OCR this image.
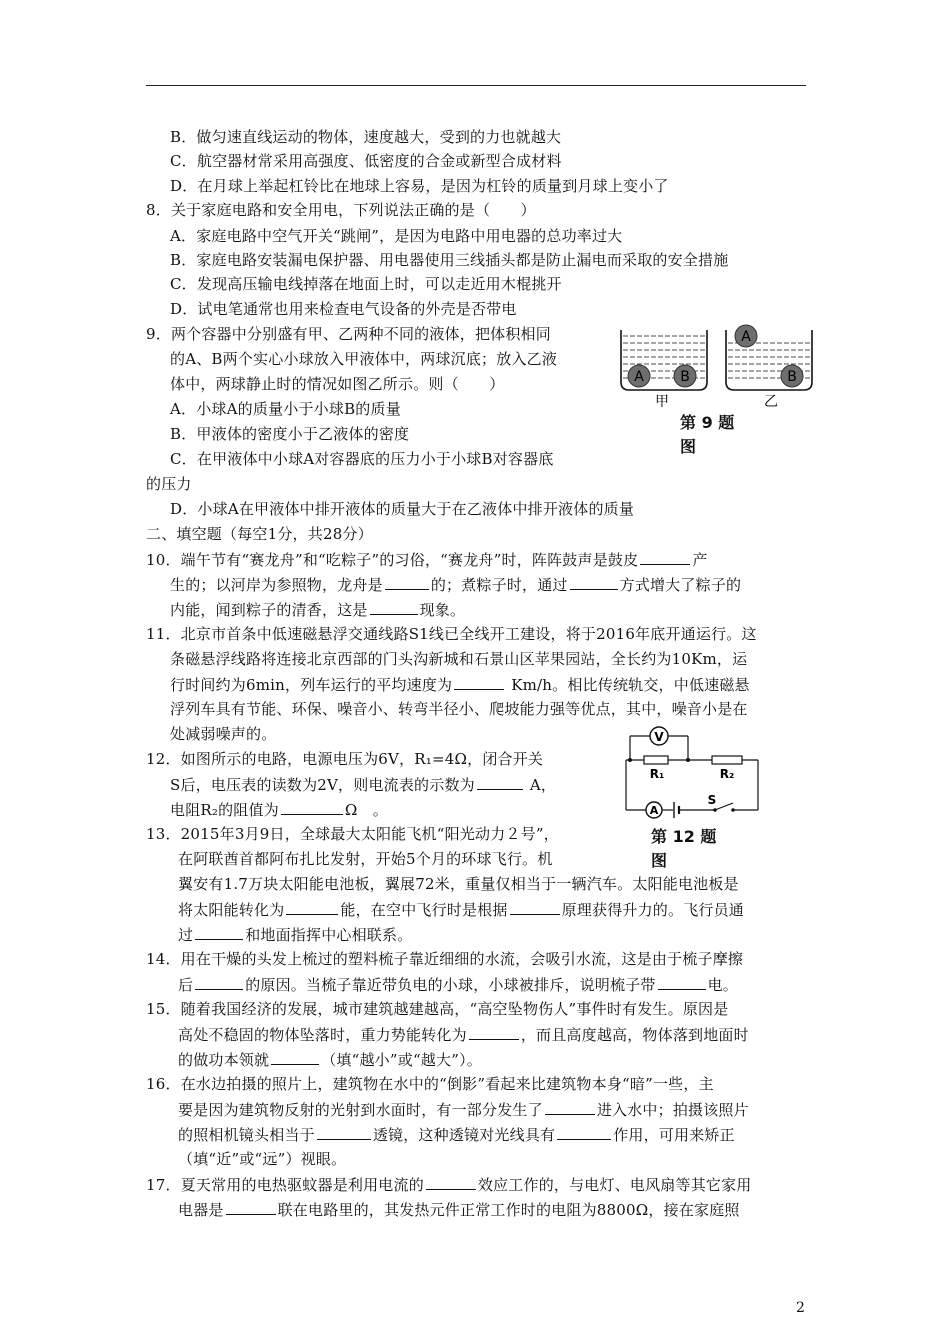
B．做匀速直线运动的物体，速度越大，受到的力也就越大
C．航空器材常采用高强度、低密度的合金或新型合成材料
D．在月球上举起杠铃比在地球上容易，是因为杠铃的质量到月球上变小了
8．关于家庭电路和安全用电，下列说法正确的是（　　）
A．家庭电路中空气开关“跳闸”，是因为电路中用电器的总功率过大
B．家庭电路安装漏电保护器、用电器使用三线插头都是防止漏电而采取的安全措施
C．发现高压输电线掉落在地面上时，可以走近用木棍挑开
D．试电笔通常也用来检查电气设备的外壳是否带电
9．两个容器中分别盛有甲、乙两种不同的液体，把体积相同
的A、B两个实心小球放入甲液体中，两球沉底；放入乙液
体中，两球静止时的情况如图乙所示。则（　　）
A．小球A的质量小于小球B的质量
B．甲液体的密度小于乙液体的密度
C．在甲液体中小球A对容器底的压力小于小球B对容器底
的压力
D．小球A在甲液体中排开液体的质量大于在乙液体中排开液体的质量
A	B
A
B
甲	乙
第 9 题
图
二、填空题（每空1分，共28分）
10．端午节有“赛龙舟”和“吃粽子”的习俗，“赛龙舟”时，阵阵鼓声是鼓皮	产
生的；以河岸为参照物，龙舟是	的；煮粽子时，通过	方式增大了粽子的
内能，闻到粽子的清香，这是	现象。
11．北京市首条中低速磁悬浮交通线路S1线已全线开工建设，将于2016年底开通运行。这
条磁悬浮线路将连接北京西部的门头沟新城和石景山区苹果园站，全长约为10Km，运
行时间约为6min，列车运行的平均速度为	Km/h。相比传统轨交，中低速磁悬
浮列车具有节能、环保、噪音小、转弯半径小、爬坡能力强等优点，其中，噪音小是在
处减弱噪声的。
12．如图所示的电路，电源电压为6V，R₁=4Ω，闭合开关
S后，电压表的读数为2V，则电流表的示数为	A，
电阻R₂的阻值为	Ω　。
V
A
R₁	R₂
S
第 12 题
图
13．2015年3月9日，全球最大太阳能飞机“阳光动力２号”，
在阿联酋首都阿布扎比发射，开始5个月的环球飞行。机
翼安有1.7万块太阳能电池板，翼展72米，重量仅相当于一辆汽车。太阳能电池板是
将太阳能转化为	能，在空中飞行时是根据	原理获得升力的。飞行员通
过	和地面指挥中心相联系。
14．用在干燥的头发上梳过的塑料梳子靠近细细的水流，会吸引水流，这是由于梳子摩擦
后	的原因。当梳子靠近带负电的小球，小球被排斥，说明梳子带	电。
15．随着我国经济的发展，城市建筑越建越高，“高空坠物伤人”事件时有发生。原因是
高处不稳固的物体坠落时，重力势能转化为	，而且高度越高，物体落到地面时
的做功本领就	（填“越小”或“越大”）。
16．在水边拍摄的照片上，建筑物在水中的“倒影”看起来比建筑物本身“暗”一些，主
要是因为建筑物反射的光射到水面时，有一部分发生了	进入水中；拍摄该照片
的照相机镜头相当于	透镜，这种透镜对光线具有	作用，可用来矫正
（填“近”或“远”）视眼。
17．夏天常用的电热驱蚊器是利用电流的	效应工作的，与电灯、电风扇等其它家用
电器是	联在电路里的，其发热元件正常工作时的电阻为8800Ω，接在家庭照
2
